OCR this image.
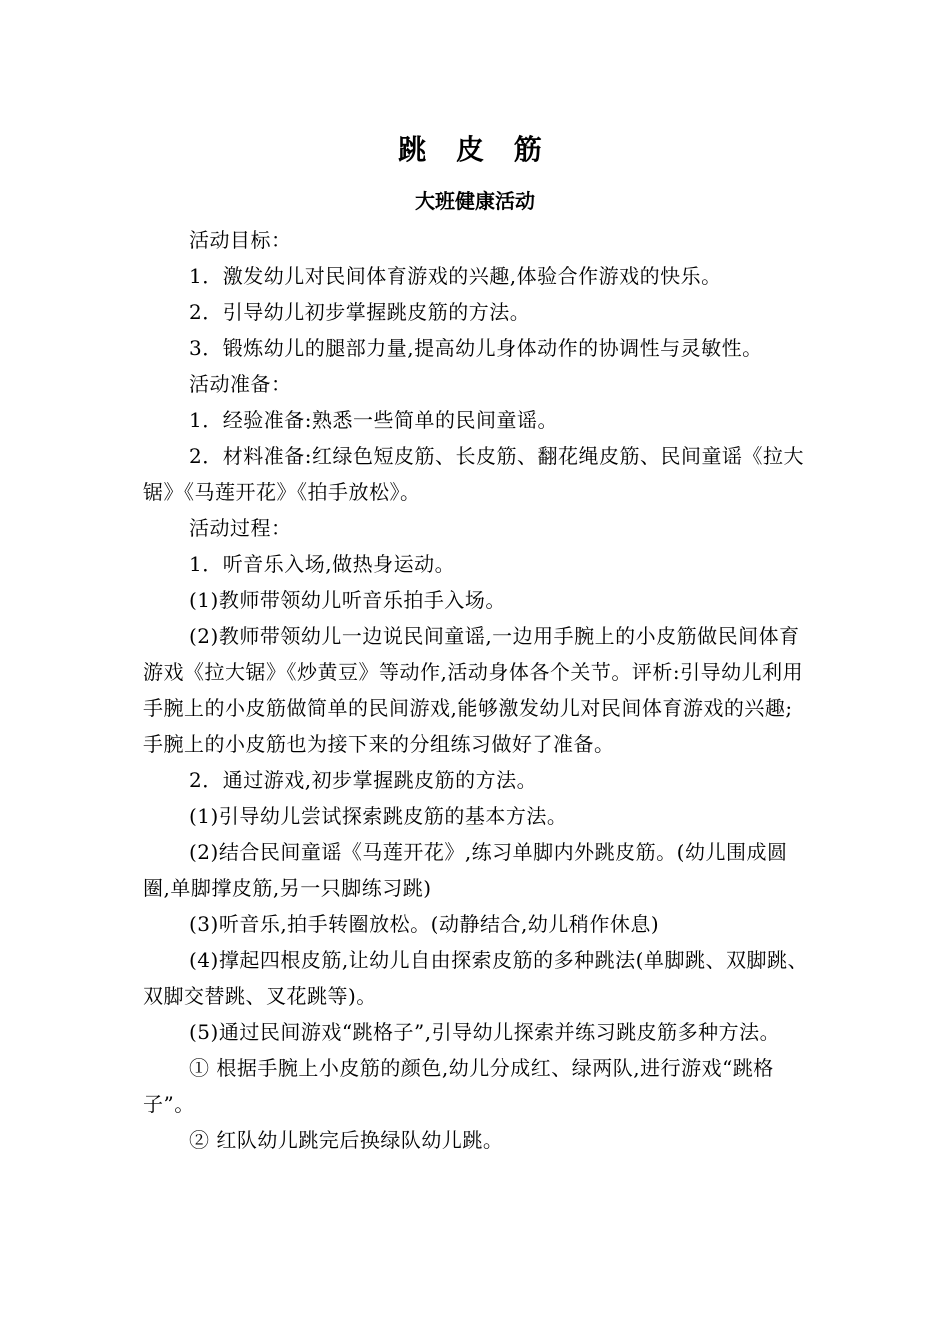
跳 皮 筋
大班健康活动

活动目标：

1．激发幼儿对民间体育游戏的兴趣,体验合作游戏的快乐。

2．引导幼儿初步掌握跳皮筋的方法。

3．锻炼幼儿的腿部力量,提高幼儿身体动作的协调性与灵敏性。

活动准备：

1．经验准备:熟悉一些简单的民间童谣。

2．材料准备:红绿色短皮筋、长皮筋、翻花绳皮筋、民间童谣《拉大锯》《马莲开花》《拍手放松》。

活动过程：

1．听音乐入场,做热身运动。

(1)教师带领幼儿听音乐拍手入场。

(2)教师带领幼儿一边说民间童谣,一边用手腕上的小皮筋做民间体育游戏《拉大锯》《炒黄豆》等动作,活动身体各个关节。评析:引导幼儿利用手腕上的小皮筋做简单的民间游戏,能够激发幼儿对民间体育游戏的兴趣;手腕上的小皮筋也为接下来的分组练习做好了准备。

2．通过游戏,初步掌握跳皮筋的方法。

(1)引导幼儿尝试探索跳皮筋的基本方法。

(2)结合民间童谣《马莲开花》,练习单脚内外跳皮筋。(幼儿围成圆圈,单脚撑皮筋,另一只脚练习跳)

(3)听音乐,拍手转圈放松。(动静结合,幼儿稍作休息)

(4)撑起四根皮筋,让幼儿自由探索皮筋的多种跳法(单脚跳、双脚跳、双脚交替跳、叉花跳等)。

(5)通过民间游戏“跳格子”,引导幼儿探索并练习跳皮筋多种方法。

① 根据手腕上小皮筋的颜色,幼儿分成红、绿两队,进行游戏“跳格子”。

② 红队幼儿跳完后换绿队幼儿跳。
